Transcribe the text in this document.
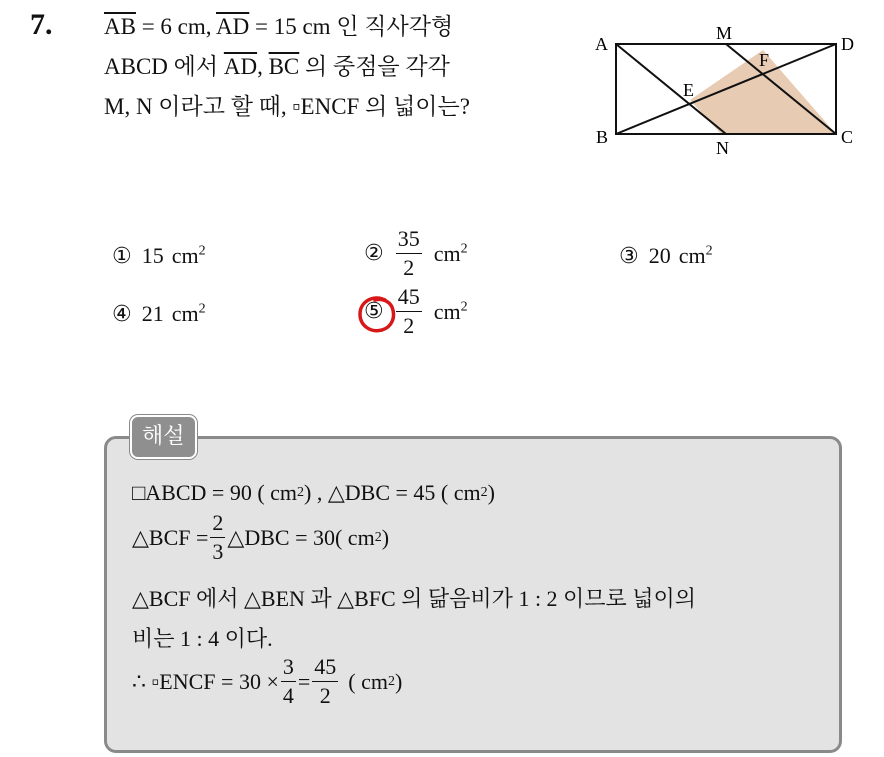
7. $\overline{AB} = 6$ cm, $\overline{AD} = 15$ cm 인 직사각형
ABCD 에서 $\overline{AD}$, $\overline{BC}$ 의 중점을 각각
M, N 이라고 할 때, ▫ENCF 의 넓이는?
A	D
B	C
M
N
E
F
① 15 $cm^2$	② $\frac{35}{2} cm^2$	③ 20 $cm^2$
④ 21 $cm^2$	⑤ $\frac{45}{2} cm^2$
해설
□ABCD = 90 ( cm 2 ) , △DBC = 45 ( cm 2 )
△BCF = $\frac{2}{3}$ △DBC = 30( cm 2 )
△BCF 에서 △BEN 과 △BFC 의 닮음비가 1 : 2 이므로 넓이의
비는 1 : 4 이다.
∴ ▫ENCF = $30 \times \frac{3}{4} = \frac{45}{2}$ ( cm 2 )
